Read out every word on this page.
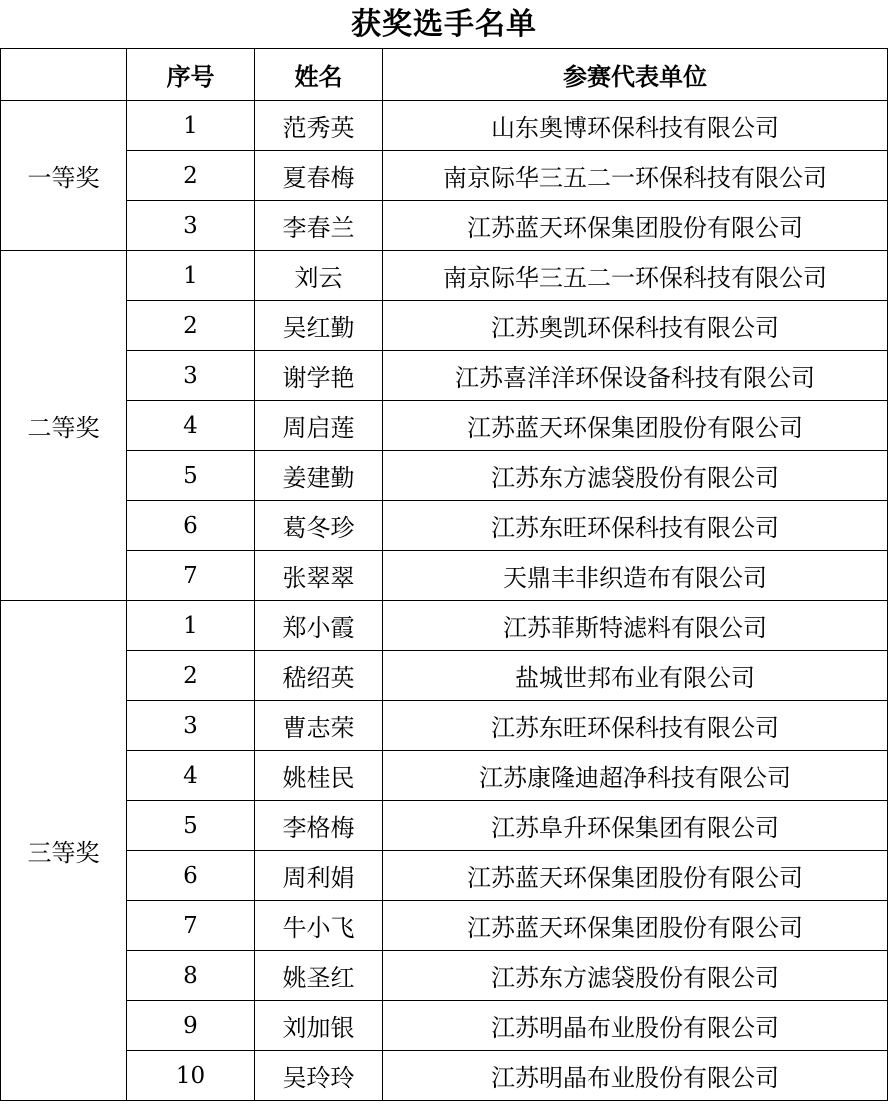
获奖选手名单
	序号	姓名	参赛代表单位
一等奖	1	范秀英	山东奥博环保科技有限公司
	2	夏春梅	南京际华三五二一环保科技有限公司
	3	李春兰	江苏蓝天环保集团股份有限公司
二等奖	1	刘云	南京际华三五二一环保科技有限公司
	2	吴红勤	江苏奥凯环保科技有限公司
	3	谢学艳	江苏喜洋洋环保设备科技有限公司
	4	周启莲	江苏蓝天环保集团股份有限公司
	5	姜建勤	江苏东方滤袋股份有限公司
	6	葛冬珍	江苏东旺环保科技有限公司
	7	张翠翠	天鼎丰非织造布有限公司
三等奖	1	郑小霞	江苏菲斯特滤料有限公司
	2	嵇绍英	盐城世邦布业有限公司
	3	曹志荣	江苏东旺环保科技有限公司
	4	姚桂民	江苏康隆迪超净科技有限公司
	5	李格梅	江苏阜升环保集团有限公司
	6	周利娟	江苏蓝天环保集团股份有限公司
	7	牛小飞	江苏蓝天环保集团股份有限公司
	8	姚圣红	江苏东方滤袋股份有限公司
	9	刘加银	江苏明晶布业股份有限公司
	10	吴玲玲	江苏明晶布业股份有限公司
